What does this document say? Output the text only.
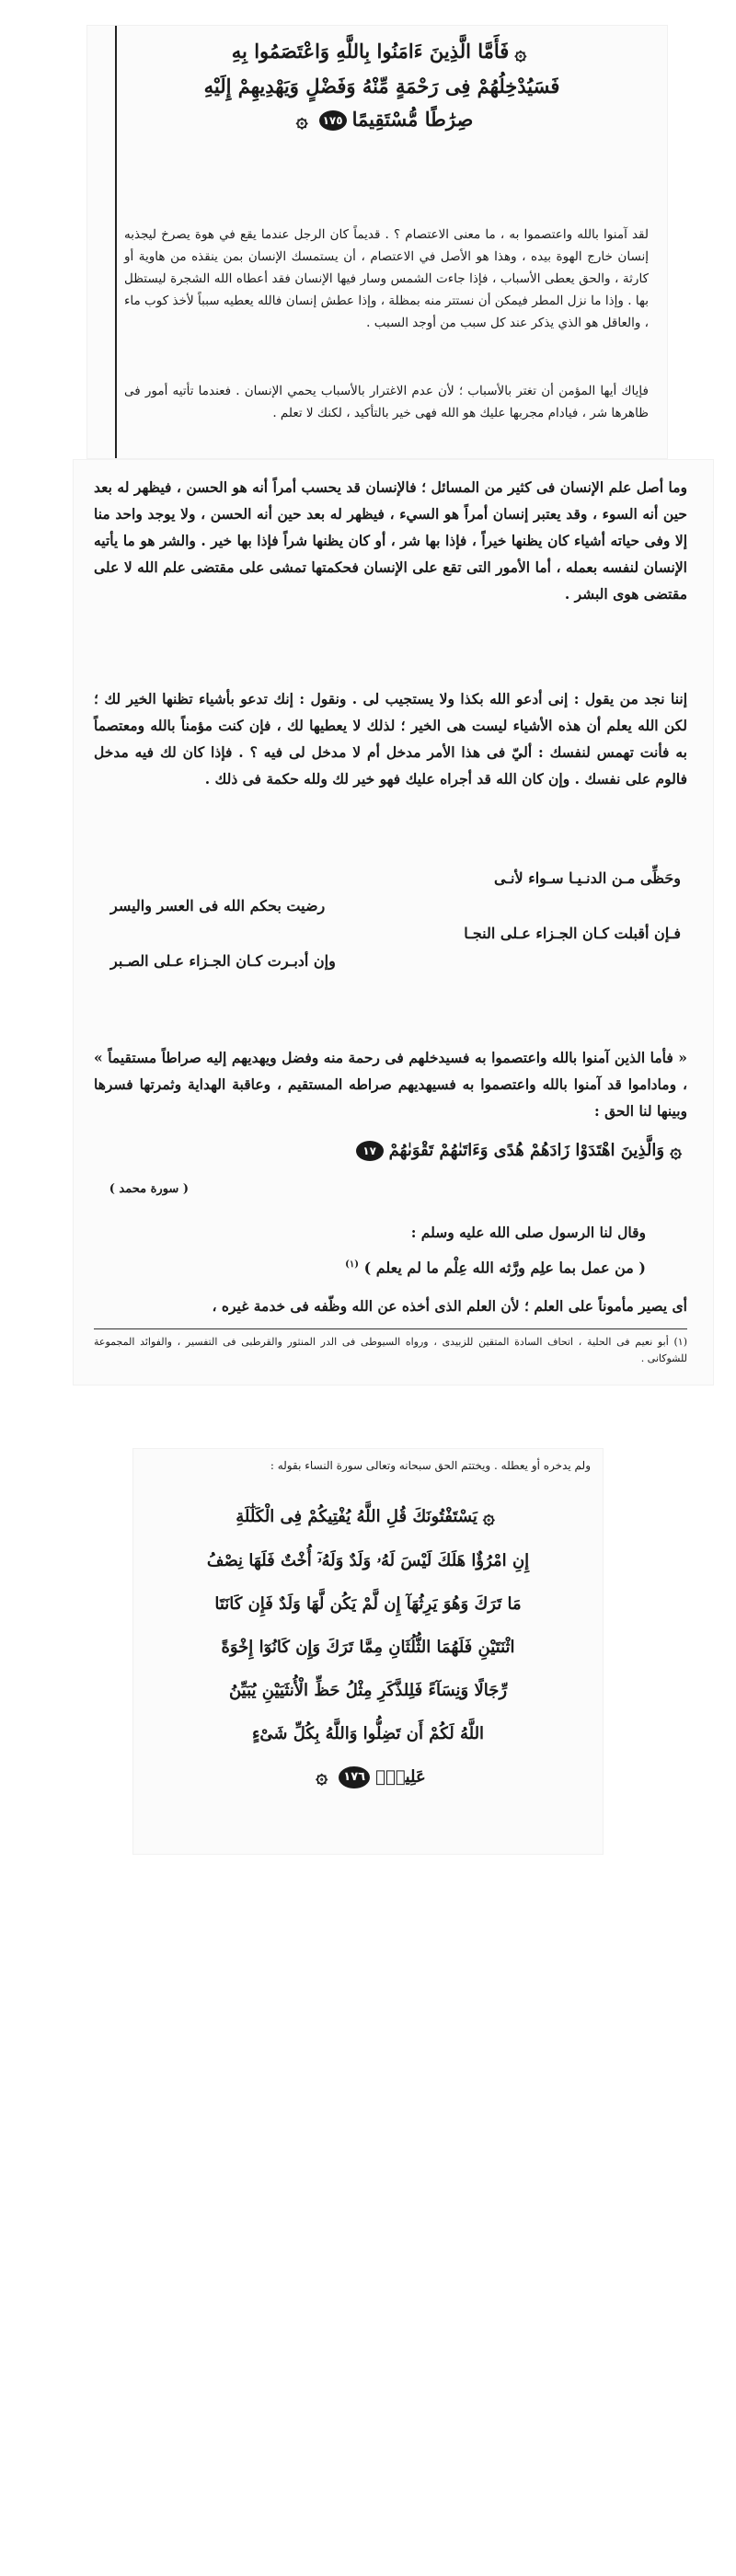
۞فَأَمَّا الَّذِينَ ءَامَنُوا بِاللَّهِ وَاعْتَصَمُوا بِهِ
فَسَيُدْخِلُهُمْ فِى رَحْمَةٍ مِّنْهُ وَفَضْلٍ وَيَهْدِيهِمْ إِلَيْهِ
صِرَٰطًا مُّسْتَقِيمًا١٧٥۞

لقد آمنوا بالله واعتصموا به ، ما معنى الاعتصام ؟ . قديماً كان الرجل عندما يقع في هوة يصرخ ليجذبه إنسان خارج الهوة بيده ، وهذا هو الأصل في الاعتصام ، أن يستمسك الإنسان بمن ينقذه من هاوية أو كارثة ، والحق يعطى الأسباب ، فإذا جاءت الشمس وسار فيها الإنسان فقد أعطاه الله الشجرة ليستظل بها . وإذا ما نزل المطر فيمكن أن نستتر منه بمظلة ، وإذا عطش إنسان فالله يعطيه سبباً لأخذ كوب ماء ، والعاقل هو الذي يذكر عند كل سبب من أوجد السبب .

فإياك أيها المؤمن أن تغتر بالأسباب ؛ لأن عدم الاغترار بالأسباب يحمي الإنسان . فعندما تأتيه أمور فى ظاهرها شر ، فيادام مجربها عليك هو الله فهى خير بالتأكيد ، لكنك لا تعلم .

وما أصل علم الإنسان فى كثير من المسائل ؛ فالإنسان قد يحسب أمراً أنه هو الحسن ، فيظهر له بعد حين أنه السوء ، وقد يعتبر إنسان أمراً هو السيء ، فيظهر له بعد حين أنه الحسن ، ولا يوجد واحد منا إلا وفى حياته أشياء كان يظنها خيراً ، فإذا بها شر ، أو كان يظنها شراً فإذا بها خير . والشر هو ما يأتيه الإنسان لنفسه بعمله ، أما الأمور التى تقع على الإنسان فحكمتها تمشى على مقتضى علم الله لا على مقتضى هوى البشر .

إننا نجد من يقول : إنى أدعو الله بكذا ولا يستجيب لى . ونقول : إنك تدعو بأشياء تظنها الخير لك ؛ لكن الله يعلم أن هذه الأشياء ليست هى الخير ؛ لذلك لا يعطيها لك ، فإن كنت مؤمناً بالله ومعتصماً به فأنت تهمس لنفسك : أليّ فى هذا الأمر مدخل أم لا مدخل لى فيه ؟ . فإذا كان لك فيه مدخل فالوم على نفسك . وإن كان الله قد أجراه عليك فهو خير لك ولله حكمة فى ذلك .

وحَظِّى مـن الدنـيـا سـواء لأنـى
رضيت بحكم الله فى العسر واليسر
فـإن أقبلت كـان الجـزاء عـلى النجـا
وإن أدبـرت كـان الجـزاء عـلى الصـبر

« فأما الذين آمنوا بالله واعتصموا به فسيدخلهم فى رحمة منه وفضل ويهديهم إليه صراطاً مستقيماً » ، وماداموا قد آمنوا بالله واعتصموا به فسيهديهم صراطه المستقيم ، وعاقبة الهداية وثمرتها فسرها وبينها لنا الحق :

۞وَالَّذِينَ اهْتَدَوْا زَادَهُمْ هُدًى وَءَاتَىٰهُمْ تَقْوَىٰهُمْ١٧
( سورة محمد )

وقال لنا الرسول صلى الله عليه وسلم :

( من عمل بما علِم ورَّثه الله عِلْم ما لم يعلم ) $^{(١)}$

أى يصير مأموناً على العلم ؛ لأن العلم الذى أخذه عن الله وظّفه فى خدمة غيره ،

(١) أبو نعيم فى الحلية ، اتحاف السادة المتقين للزبيدى ، ورواه السيوطى فى الدر المنثور والقرطبى فى التفسير ، والفوائد المجموعة للشوكانى .

ولم يدخره أو يعطله . ويختتم الحق سبحانه وتعالى سورة النساء بقوله :

۞يَسْتَفْتُونَكَ قُلِ اللَّهُ يُفْتِيكُمْ فِى الْكَلَٰلَةِ
إِنِ امْرُؤٌا هَلَكَ لَيْسَ لَهُۥ وَلَدٌ وَلَهُۥٓ أُخْتٌ فَلَهَا نِصْفُ
مَا تَرَكَ وَهُوَ يَرِثُهَآ إِن لَّمْ يَكُن لَّهَا وَلَدٌ فَإِن كَانَتَا
اثْنَتَيْنِ فَلَهُمَا الثُّلُثَانِ مِمَّا تَرَكَ وَإِن كَانُوٓا إِخْوَةً
رِّجَالًا وَنِسَآءً فَلِلذَّكَرِ مِثْلُ حَظِّ الْأُنثَيَيْنِ يُبَيِّنُ
اللَّهُ لَكُمْ أَن تَضِلُّوا وَاللَّهُ بِكُلِّ شَىْءٍ
عَلِيمٌۢ١٧٦۞
